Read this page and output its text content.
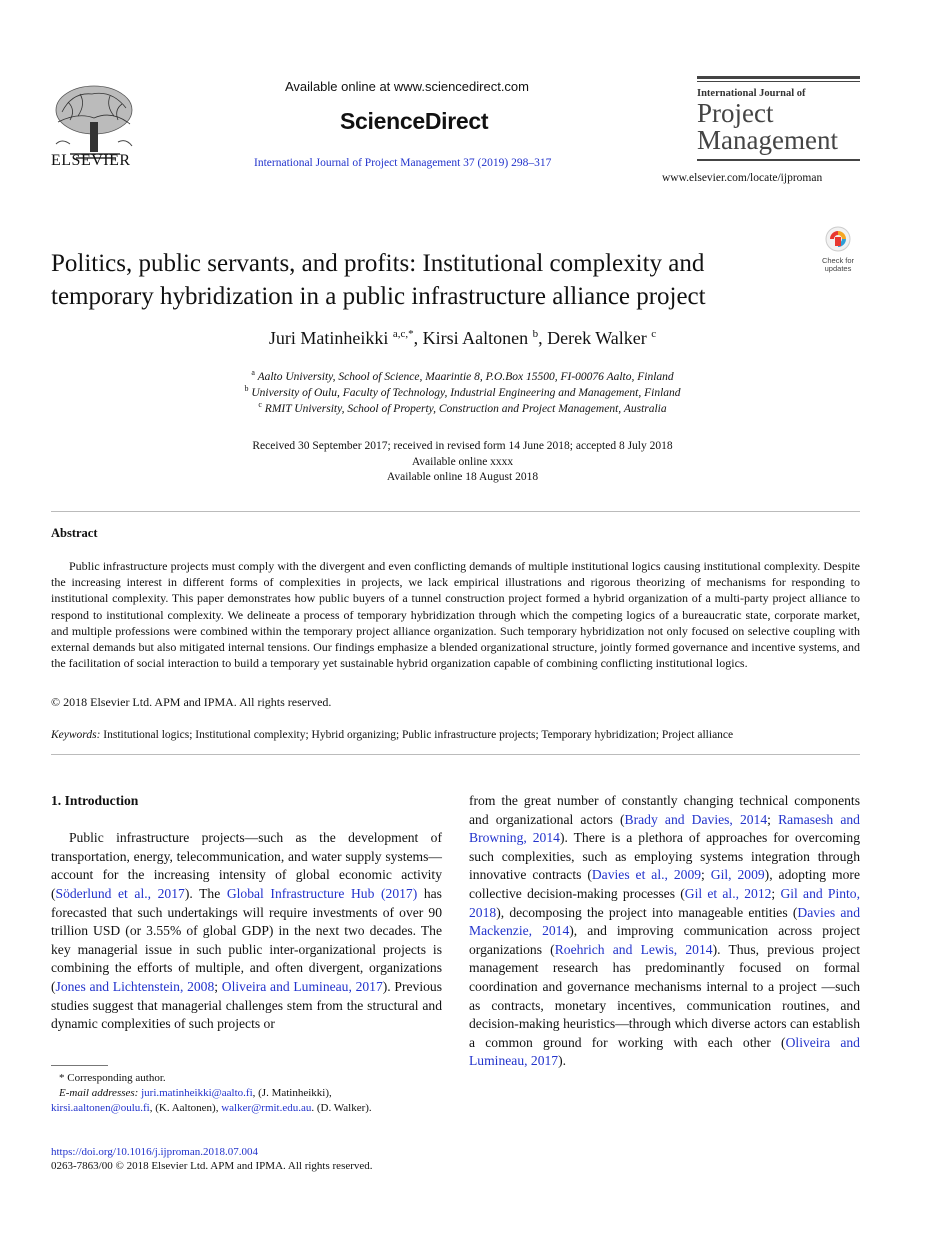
ELSEVIER
Available online at www.sciencedirect.com
ScienceDirect
International Journal of Project Management 37 (2019) 298–317
International Journal of
Project
Management
www.elsevier.com/locate/ijproman
Check for
updates
Politics, public servants, and profits: Institutional complexity and temporary hybridization in a public infrastructure alliance project
Juri Matinheikki $^{a,c,*}$, Kirsi Aaltonen $^b$, Derek Walker $^c$
$^a$ Aalto University, School of Science, Maarintie 8, P.O.Box 15500, FI-00076 Aalto, Finland
$^b$ University of Oulu, Faculty of Technology, Industrial Engineering and Management, Finland
$^c$ RMIT University, School of Property, Construction and Project Management, Australia
Received 30 September 2017; received in revised form 14 June 2018; accepted 8 July 2018
Available online xxxx
Available online 18 August 2018
Abstract

Public infrastructure projects must comply with the divergent and even conflicting demands of multiple institutional logics causing institutional complexity. Despite the increasing interest in different forms of complexities in projects, we lack empirical illustrations and rigorous theorizing of mechanisms for responding to institutional complexity. This paper demonstrates how public buyers of a tunnel construction project formed a hybrid organization of a multi-party project alliance to respond to institutional complexity. We delineate a process of temporary hybridization through which the competing logics of a bureaucratic state, corporate market, and multiple professions were combined within the temporary project alliance organization. Such temporary hybridization not only focused on selective coupling with external demands but also mitigated internal tensions. Our findings emphasize a blended organizational structure, jointly formed governance and incentive systems, and the facilitation of social interaction to build a temporary yet sustainable hybrid organization capable of combining conflicting institutional logics.

© 2018 Elsevier Ltd. APM and IPMA. All rights reserved.
Keywords: Institutional logics; Institutional complexity; Hybrid organizing; Public infrastructure projects; Temporary hybridization; Project alliance

1. Introduction

Public infrastructure projects—such as the development of transportation, energy, telecommunication, and water supply systems—account for the increasing intensity of global economic activity (Söderlund et al., 2017). The Global Infrastructure Hub (2017) has forecasted that such undertakings will require investments of over 90 trillion USD (or 3.55% of global GDP) in the next two decades. The key managerial issue in such public inter-organizational projects is combining the efforts of multiple, and often divergent, organizations (Jones and Lichtenstein, 2008; Oliveira and Lumineau, 2017). Previous studies suggest that managerial challenges stem from the structural and dynamic complexities of such projects or

from the great number of constantly changing technical components and organizational actors (Brady and Davies, 2014; Ramasesh and Browning, 2014). There is a plethora of approaches for overcoming such complexities, such as employing systems integration through innovative contracts (Davies et al., 2009; Gil, 2009), adopting more collective decision-making processes (Gil et al., 2012; Gil and Pinto, 2018), decomposing the project into manageable entities (Davies and Mackenzie, 2014), and improving communication across project organizations (Roehrich and Lewis, 2014). Thus, previous project management research has predominantly focused on formal coordination and governance mechanisms internal to a project —such as contracts, monetary incentives, communication routines, and decision-making heuristics—through which diverse actors can establish a common ground for working with each other (Oliveira and Lumineau, 2017).

* Corresponding author.
E-mail addresses: juri.matinheikki@aalto.fi, (J. Matinheikki),
kirsi.aaltonen@oulu.fi, (K. Aaltonen), walker@rmit.edu.au. (D. Walker).
https://doi.org/10.1016/j.ijproman.2018.07.004
0263-7863/00 © 2018 Elsevier Ltd. APM and IPMA. All rights reserved.
